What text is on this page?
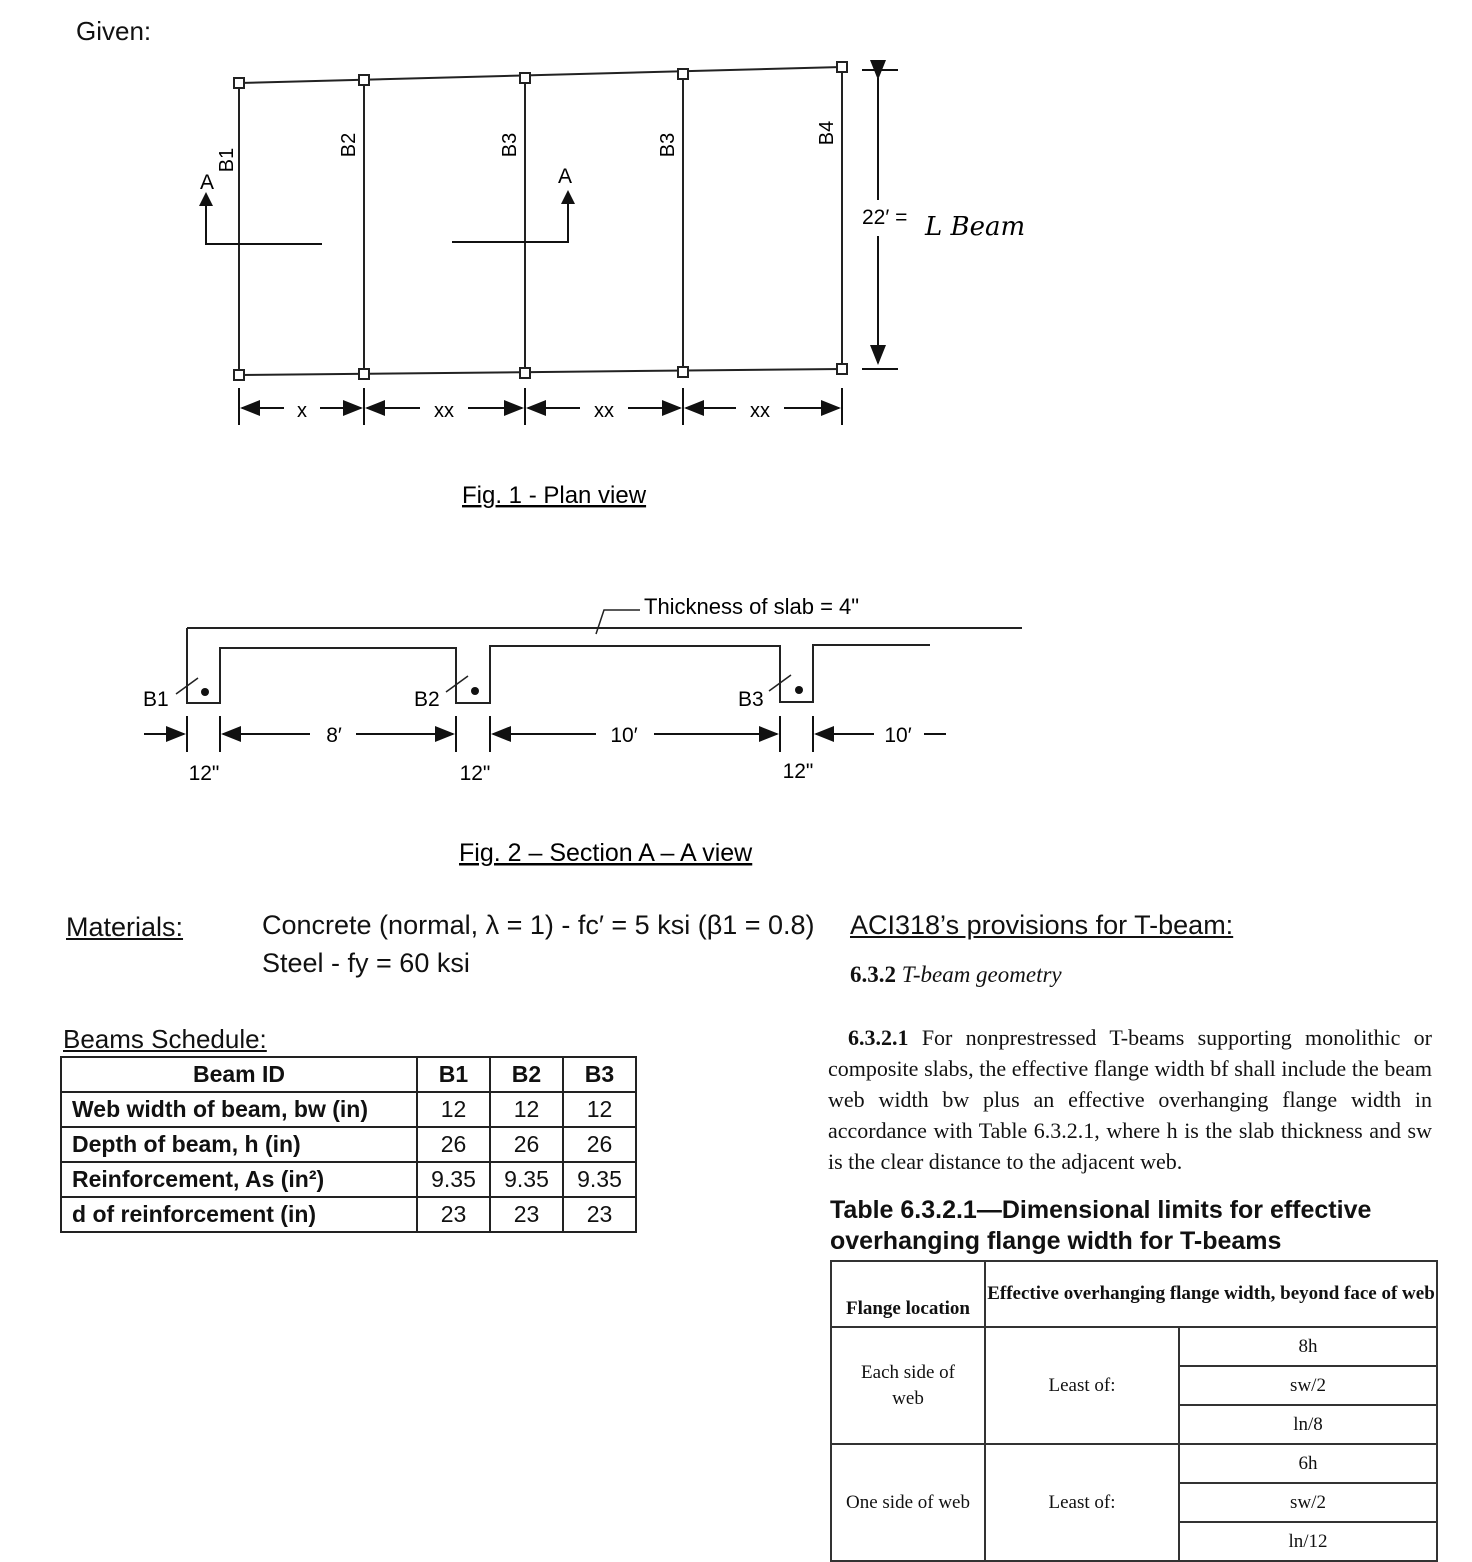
Given:
B1
B2	B3	B3	B4
A	A
22′ = L Beam
x	xx	xx	xx
Fig. 1 - Plan view
Thickness of slab = 4"
B1	B2	B3
8′	10′	10′
12"	12"	12"
Fig. 2 – Section A – A view
Materials:	Concrete (normal, λ = 1) - fc′ = 5 ksi (β1 = 0.8)
Steel - fy = 60 ksi
Beams Schedule:
Beam ID	B1	B2	B3
Web width of beam, bw (in)	12	12	12
Depth of beam, h (in)	26	26	26
Reinforcement, As (in²)	9.35	9.35	9.35
d of reinforcement (in)	23	23	23
ACI318’s provisions for T-beam:
6.3.2 T-beam geometry
6.3.2.1 For nonprestressed T-beams supporting monolithic or composite slabs, the effective flange width bf shall include the beam web width bw plus an effective overhanging flange width in accordance with Table 6.3.2.1, where h is the slab thickness and sw is the clear distance to the adjacent web.
Table 6.3.2.1—Dimensional limits for effective overhanging flange width for T-beams
Flange location	Effective overhanging flange width, beyond face of web	
Each side of web	Least of:	8h
		sw/2
		ln/8
One side of web	Least of:	6h
		sw/2
		ln/12
